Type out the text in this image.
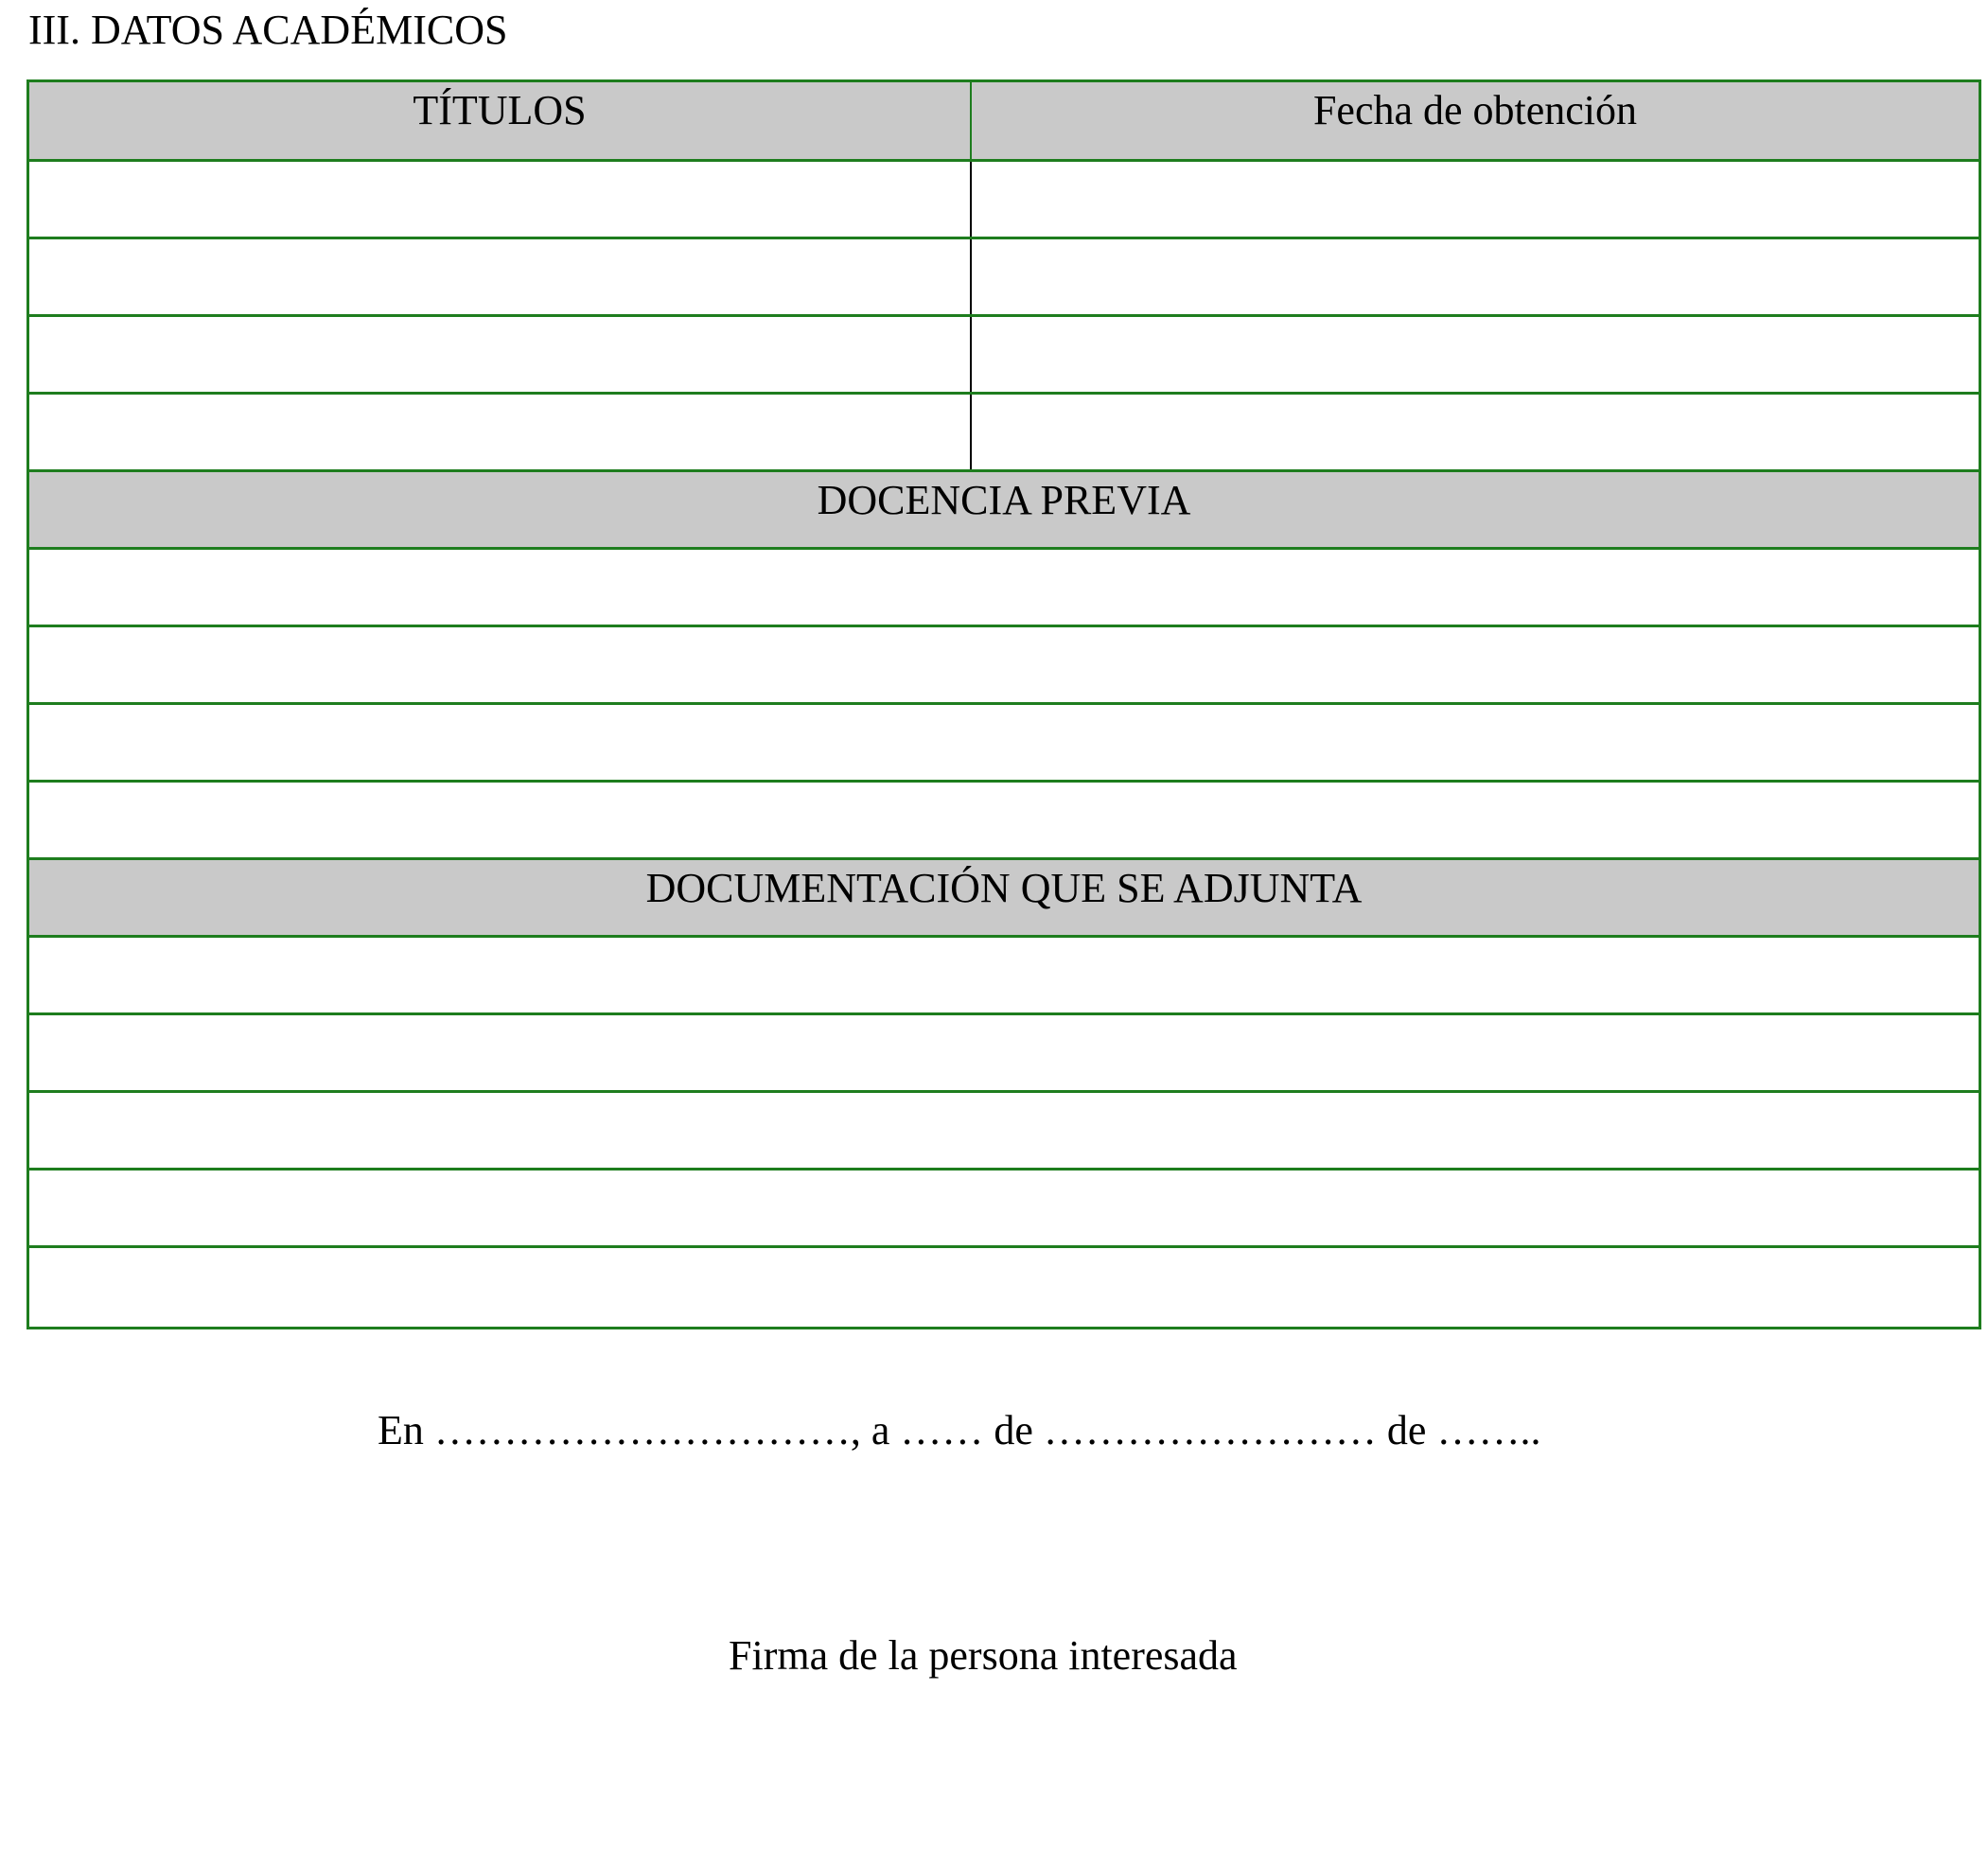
III. DATOS ACADÉMICOS
TÍTULOS	Fecha de obtención
DOCENCIA PREVIA
DOCUMENTACIÓN QUE SE ADJUNTA
En …………………………, a …… de …………………… de ……..
Firma de la persona interesada
